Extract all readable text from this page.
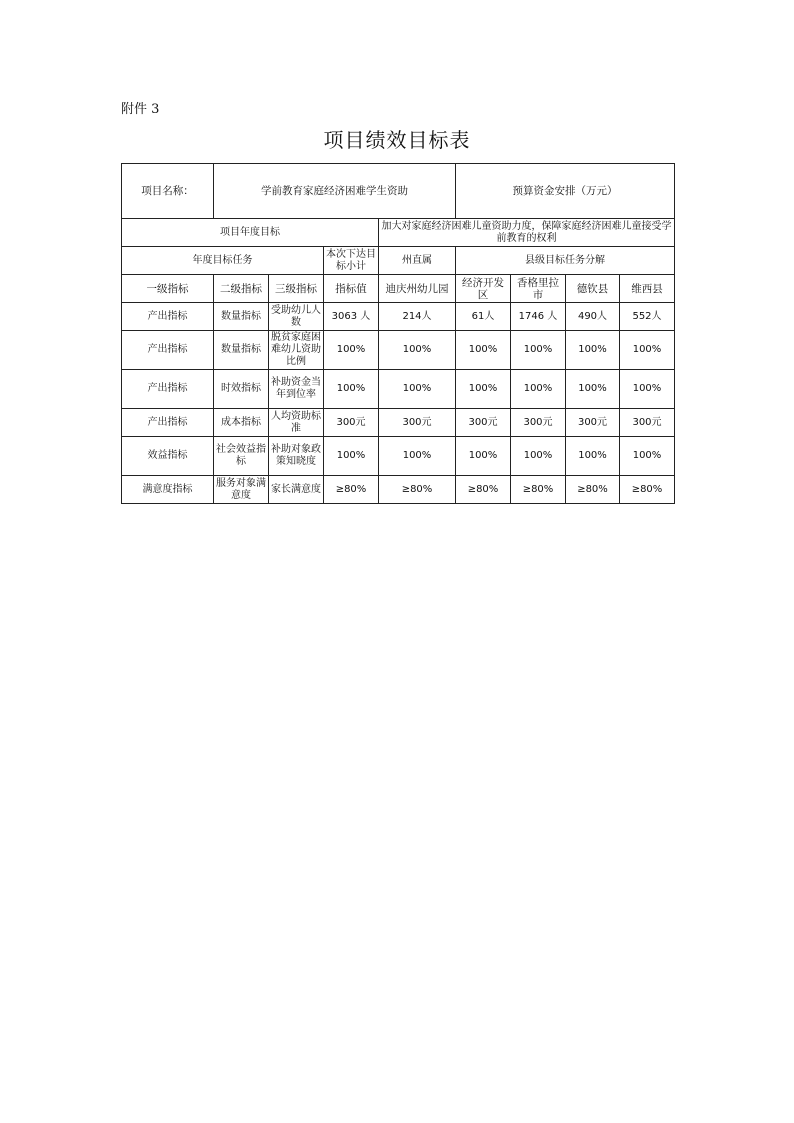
附件 3
项目绩效目标表
项目名称：	学前教育家庭经济困难学生资助				预算资金安排（万元）			
项目年度目标				加大对家庭经济困难儿童资助力度，保障家庭经济困难儿童接受学前教育的权利				
年度目标任务			本次下达目标小计	州直属	县级目标任务分解			
一级指标	二级指标	三级指标	指标值	迪庆州幼儿园	经济开发区	香格里拉市	德钦县	维西县
产出指标	数量指标	受助幼儿人数	3063 人	214人	61人	1746 人	490人	552人
产出指标	数量指标	脱贫家庭困难幼儿资助比例	100%	100%	100%	100%	100%	100%
产出指标	时效指标	补助资金当年到位率	100%	100%	100%	100%	100%	100%
产出指标	成本指标	人均资助标准	300元	300元	300元	300元	300元	300元
效益指标	社会效益指标	补助对象政策知晓度	100%	100%	100%	100%	100%	100%
满意度指标	服务对象满意度	家长满意度	≥80%	≥80%	≥80%	≥80%	≥80%	≥80%
